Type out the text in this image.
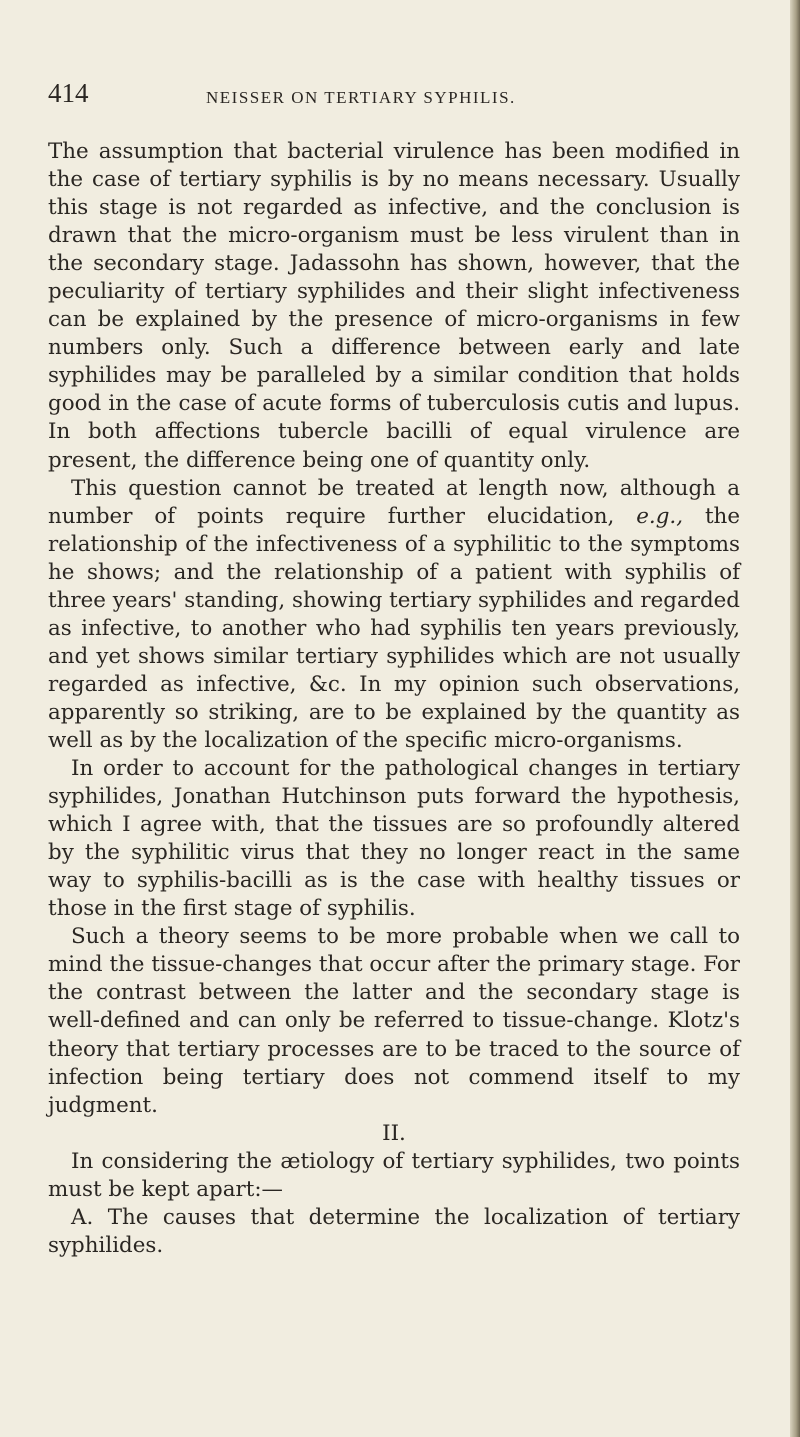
414	NEISSER ON TERTIARY SYPHILIS.

The assumption that bacterial virulence has been modified in the case of tertiary syphilis is by no means necessary. Usually this stage is not regarded as infective, and the conclusion is drawn that the micro-organism must be less virulent than in the secondary stage. Jadassohn has shown, however, that the peculiarity of tertiary syphilides and their slight infectiveness can be explained by the presence of micro-organisms in few numbers only. Such a difference between early and late syphilides may be paralleled by a similar condition that holds good in the case of acute forms of tuberculosis cutis and lupus. In both affections tubercle bacilli of equal virulence are present, the difference being one of quantity only.

This question cannot be treated at length now, although a number of points require further elucidation, e.g., the relationship of the infectiveness of a syphilitic to the symptoms he shows; and the relationship of a patient with syphilis of three years' standing, showing tertiary syphilides and regarded as infective, to another who had syphilis ten years previously, and yet shows similar tertiary syphilides which are not usually regarded as infective, &c. In my opinion such observations, apparently so striking, are to be explained by the quantity as well as by the localization of the specific micro-organisms.

In order to account for the pathological changes in tertiary syphilides, Jonathan Hutchinson puts forward the hypothesis, which I agree with, that the tissues are so profoundly altered by the syphilitic virus that they no longer react in the same way to syphilis-bacilli as is the case with healthy tissues or those in the first stage of syphilis.

Such a theory seems to be more probable when we call to mind the tissue-changes that occur after the primary stage. For the contrast between the latter and the secondary stage is well-defined and can only be referred to tissue-change. Klotz's theory that tertiary processes are to be traced to the source of infection being tertiary does not commend itself to my judgment.

II.

In considering the ætiology of tertiary syphilides, two points must be kept apart:—

A. The causes that determine the localization of tertiary syphilides.
